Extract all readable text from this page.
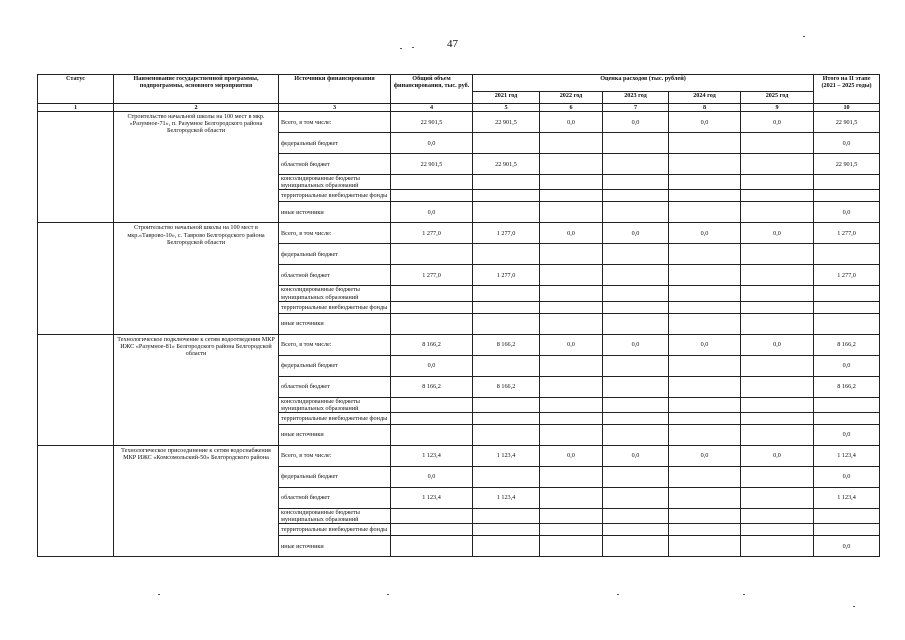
47
Статус	Наименование государственной программы, подпрограммы, основного мероприятия	Источники финансирования	Общий объем финансирования, тыс. руб.	Оценка расходов (тыс. рублей)					Итого на II этапе (2021 – 2025 годы)
				2021 год	2022 год	2023 год	2024 год	2025 год	
1	2	3	4	5	6	7	8	9	10
	Строительство начальной школы на 100 мест в мкр. «Разумное-71», п. Разумное Белгородского района Белгородской области	Всего, в том числе:	22 901,5	22 901,5	0,0	0,0	0,0	0,0	22 901,5
		федеральный бюджет	0,0						0,0
		областной бюджет	22 901,5	22 901,5					22 901,5
		консолидированные бюджеты муниципальных образований							
		территориальные внебюджетные фонды							
		иные источники	0,0						0,0
	Строительство начальной школы на 100 мест в мкр.«Таврово-10», с. Таврово Белгородского района Белгородской области	Всего, в том числе:	1 277,0	1 277,0	0,0	0,0	0,0	0,0	1 277,0
		федеральный бюджет							
		областной бюджет	1 277,0	1 277,0					1 277,0
		консолидированные бюджеты муниципальных образований							
		территориальные внебюджетные фонды							
		иные источники							
	Технологическое подключение к сетям водоотведения МКР ИЖС «Разумное-81» Белгородского района Белгородской области	Всего, в том числе:	8 166,2	8 166,2	0,0	0,0	0,0	0,0	8 166,2
		федеральный бюджет	0,0						0,0
		областной бюджет	8 166,2	8 166,2					8 166,2
		консолидированные бюджеты муниципальных образований							
		территориальные внебюджетные фонды							
		иные источники							0,0
	Технологическое присоединение к сетям водоснабжения МКР ИЖС «Комсомольский-50» Белгородского района	Всего, в том числе:	1 123,4	1 123,4	0,0	0,0	0,0	0,0	1 123,4
		федеральный бюджет	0,0						0,0
		областной бюджет	1 123,4	1 123,4					1 123,4
		консолидированные бюджеты муниципальных образований							
		территориальные внебюджетные фонды							
		иные источники							0,0
